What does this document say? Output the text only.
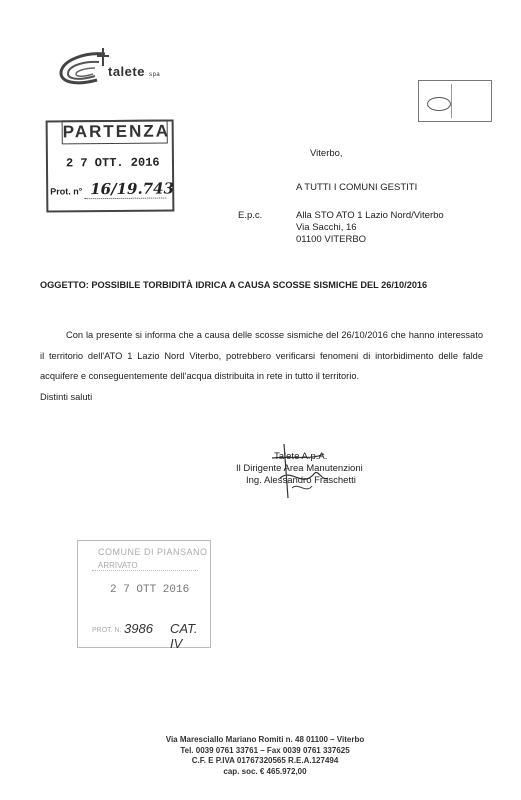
talete spa
PARTENZA
2 7 OTT. 2016
Prot. n° 16/19.743
Viterbo,
A TUTTI I COMUNI GESTITI
E.p.c.	Alla STO ATO 1 Lazio Nord/Viterbo
Via Sacchi, 16
01100 VITERBO
OGGETTO: POSSIBILE TORBIDITÀ IDRICA A CAUSA SCOSSE SISMICHE DEL 26/10/2016
Con la presente si informa che a causa delle scosse sismiche del 26/10/2016 che hanno interessato il territorio dell'ATO 1 Lazio Nord Viterbo, potrebbero verificarsi fenomeni di intorbidimento delle falde acquifere e conseguentemente dell'acqua distribuita in rete in tutto il territorio.
Distinti saluti
Talete A.p.A.
Il Dirigente Area Manutenzioni
Ing. Alessandro Fraschetti
COMUNE DI PIANSANO
ARRIVATO
2 7 OTT 2016
PROT. N. 3986 CAT. IV
Via Maresciallo Mariano Romiti n. 48 01100 – Viterbo
Tel. 0039 0761 33761 – Fax 0039 0761 337625
C.F. E P.IVA 01767320565 R.E.A.127494
cap. soc. € 465.972,00
